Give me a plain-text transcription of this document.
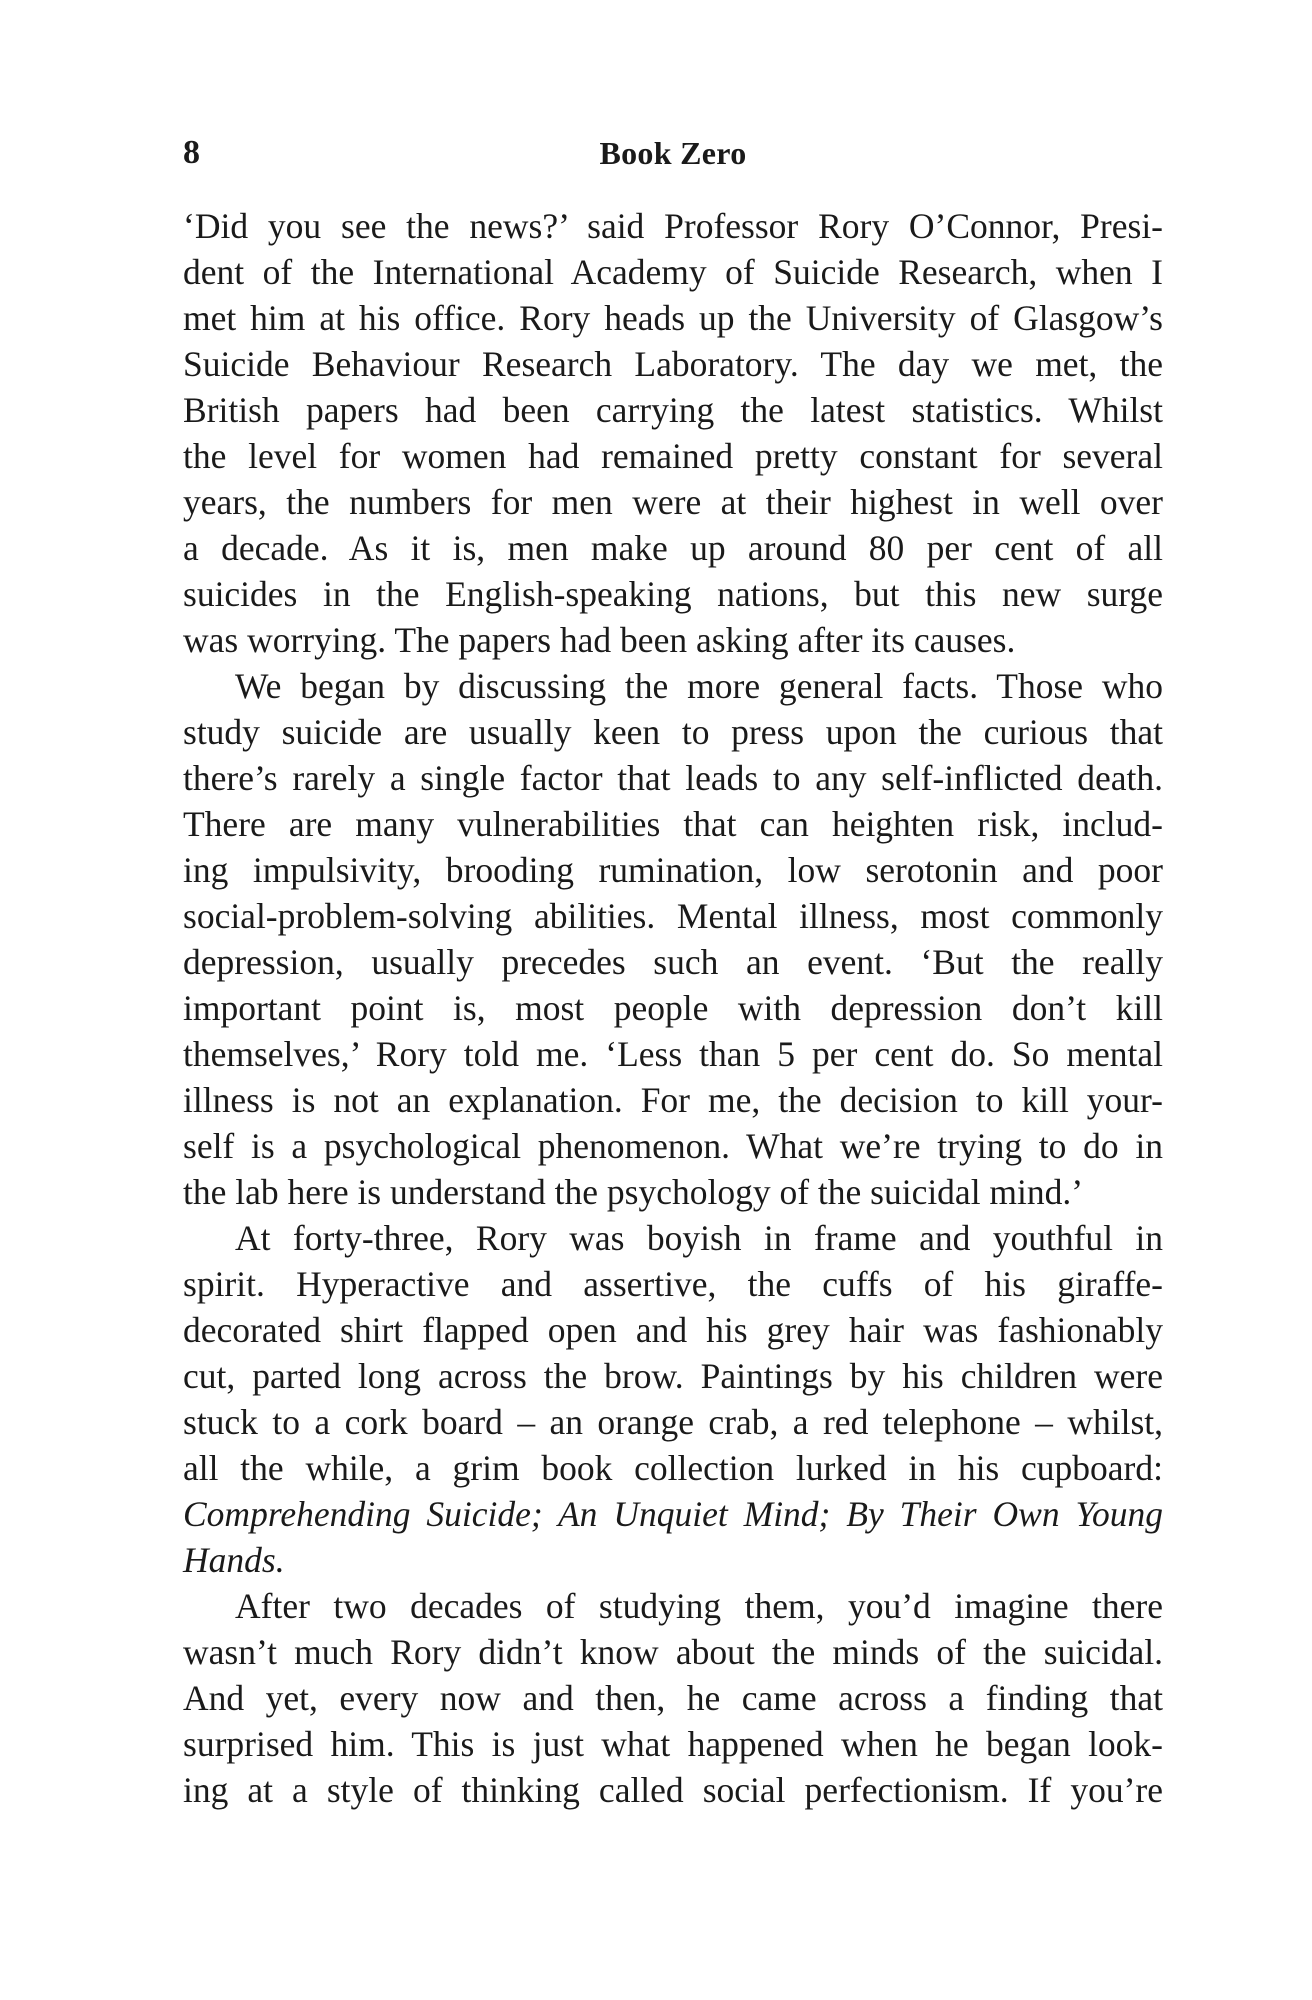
8	Book Zero
‘Did you see the news?’ said Professor Rory O’Connor, Presi-
dent of the International Academy of Suicide Research, when I
met him at his office. Rory heads up the University of Glasgow’s
Suicide Behaviour Research Laboratory. The day we met, the
British papers had been carrying the latest statistics. Whilst
the level for women had remained pretty constant for several
years, the numbers for men were at their highest in well over
a decade. As it is, men make up around 80 per cent of all
suicides in the English-speaking nations, but this new surge
was worrying. The papers had been asking after its causes.
We began by discussing the more general facts. Those who
study suicide are usually keen to press upon the curious that
there’s rarely a single factor that leads to any self-inflicted death.
There are many vulnerabilities that can heighten risk, includ-
ing impulsivity, brooding rumination, low serotonin and poor
social-problem-solving abilities. Mental illness, most commonly
depression, usually precedes such an event. ‘But the really
important point is, most people with depression don’t kill
themselves,’ Rory told me. ‘Less than 5 per cent do. So mental
illness is not an explanation. For me, the decision to kill your-
self is a psychological phenomenon. What we’re trying to do in
the lab here is understand the psychology of the suicidal mind.’
At forty-three, Rory was boyish in frame and youthful in
spirit. Hyperactive and assertive, the cuffs of his giraffe-
decorated shirt flapped open and his grey hair was fashionably
cut, parted long across the brow. Paintings by his children were
stuck to a cork board – an orange crab, a red telephone – whilst,
all the while, a grim book collection lurked in his cupboard:
Comprehending Suicide; An Unquiet Mind; By Their Own Young
Hands.
After two decades of studying them, you’d imagine there
wasn’t much Rory didn’t know about the minds of the suicidal.
And yet, every now and then, he came across a finding that
surprised him. This is just what happened when he began look-
ing at a style of thinking called social perfectionism. If you’re
